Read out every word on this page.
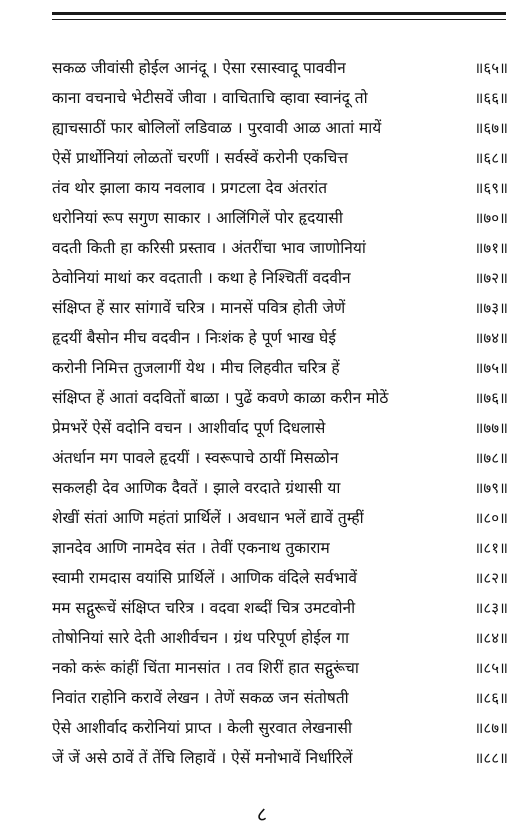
सकळ जीवांसी होईल आनंदू । ऐसा रसास्वादू पाववीन	॥६५॥
काना वचनाचे भेटीसवें जीवा । वाचिताचि व्हावा स्वानंदू तो	॥६६॥
ह्याचसाठीं फार बोलिलों लडिवाळ । पुरवावी आळ आतां मायें	॥६७॥
ऐसें प्रार्थोनियां लोळतों चरणीं । सर्वस्वें करोनी एकचित्त	॥६८॥
तंव थोर झाला काय नवलाव । प्रगटला देव अंतरांत	॥६९॥
धरोनियां रूप सगुण साकार । आलिंगिलें पोर हृदयासी	॥७०॥
वदती किती हा करिसी प्रस्ताव । अंतरींचा भाव जाणोनियां	॥७१॥
ठेवोनियां माथां कर वदताती । कथा हे निश्चितीं वदवीन	॥७२॥
संक्षिप्त हें सार सांगावें चरित्र । मानसें पवित्र होती जेणें	॥७३॥
हृदयीं बैसोन मीच वदवीन । निःशंक हे पूर्ण भाख घेई	॥७४॥
करोनी निमित्त तुजलागीं येथ । मीच लिहवीत चरित्र हें	॥७५॥
संक्षिप्त हें आतां वदवितों बाळा । पुढें कवणे काळा करीन मोठें	॥७६॥
प्रेमभरें ऐसें वदोनि वचन । आशीर्वाद पूर्ण दिधलासे	॥७७॥
अंतर्धान मग पावले हृदयीं । स्वरूपाचे ठायीं मिसळोन	॥७८॥
सकलही देव आणिक दैवतें । झाले वरदाते ग्रंथासी या	॥७९॥
शेखीं संतां आणि महंतां प्रार्थिलें । अवधान भलें द्यावें तुम्हीं	॥८०॥
ज्ञानदेव आणि नामदेव संत । तेवीं एकनाथ तुकाराम	॥८१॥
स्वामी रामदास वयांसि प्रार्थिलें । आणिक वंदिले सर्वभावें	॥८२॥
मम सद्गुरूचें संक्षिप्त चरित्र । वदवा शब्दीं चित्र उमटवोनी	॥८३॥
तोषोनियां सारे देती आशीर्वचन । ग्रंथ परिपूर्ण होईल गा	॥८४॥
नको करूं कांहीं चिंता मानसांत । तव शिरीं हात सद्गुरूंचा	॥८५॥
निवांत राहोनि करावें लेखन । तेणें सकळ जन संतोषती	॥८६॥
ऐसे आशीर्वाद करोनियां प्राप्त । केली सुरवात लेखनासी	॥८७॥
जें जें असे ठावें तें तेंचि लिहावें । ऐसें मनोभावें निर्धारिलें	॥८८॥
८
